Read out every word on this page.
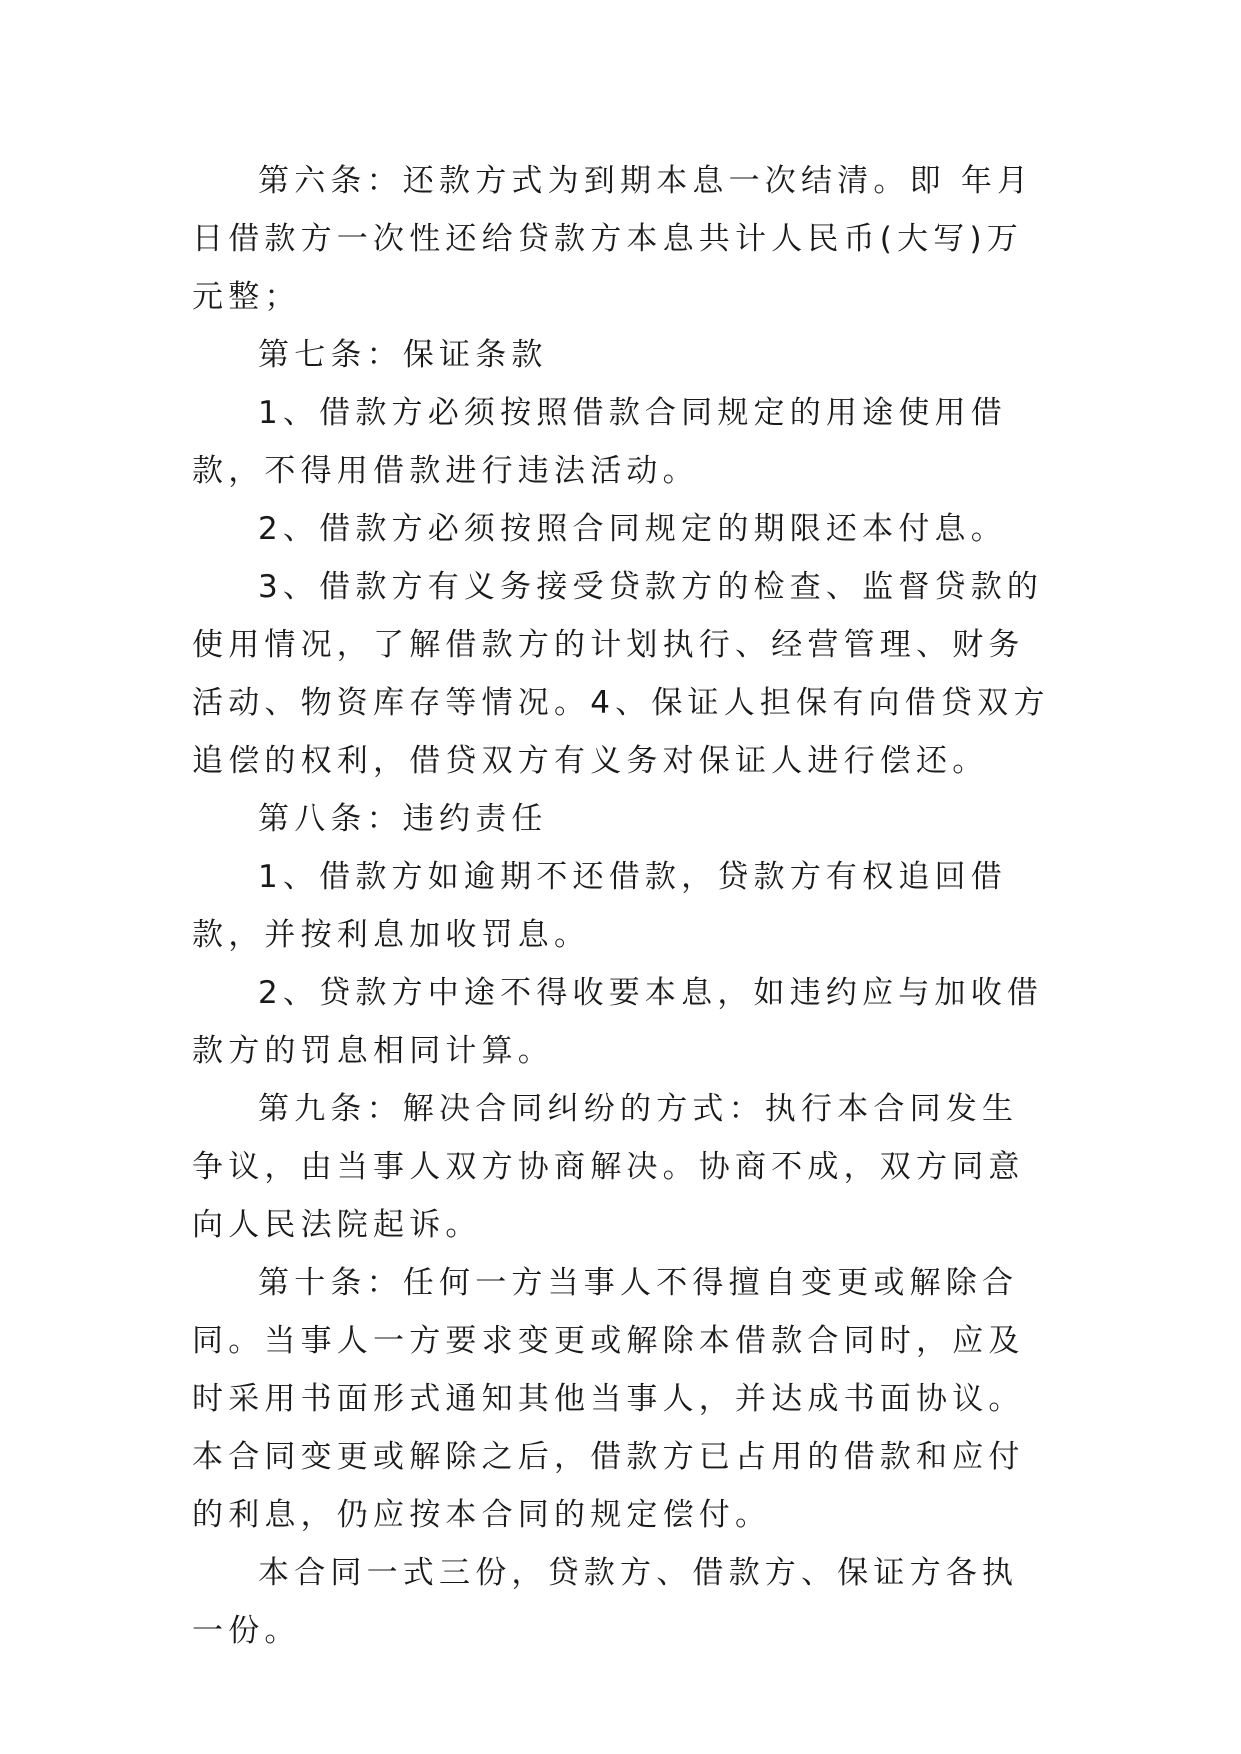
第六条：还款方式为到期本息一次结清。即 年月日借款方一次性还给贷款方本息共计人民币(大写)万元整；

第七条：保证条款

1、借款方必须按照借款合同规定的用途使用借款，不得用借款进行违法活动。

2、借款方必须按照合同规定的期限还本付息。

3、借款方有义务接受贷款方的检查、监督贷款的使用情况，了解借款方的计划执行、经营管理、财务活动、物资库存等情况。4、保证人担保有向借贷双方追偿的权利，借贷双方有义务对保证人进行偿还。

第八条：违约责任

1、借款方如逾期不还借款，贷款方有权追回借款，并按利息加收罚息。

2、贷款方中途不得收要本息，如违约应与加收借款方的罚息相同计算。

第九条：解决合同纠纷的方式：执行本合同发生争议，由当事人双方协商解决。协商不成，双方同意向人民法院起诉。

第十条：任何一方当事人不得擅自变更或解除合同。当事人一方要求变更或解除本借款合同时，应及时采用书面形式通知其他当事人，并达成书面协议。本合同变更或解除之后，借款方已占用的借款和应付的利息，仍应按本合同的规定偿付。

本合同一式三份，贷款方、借款方、保证方各执一份。
